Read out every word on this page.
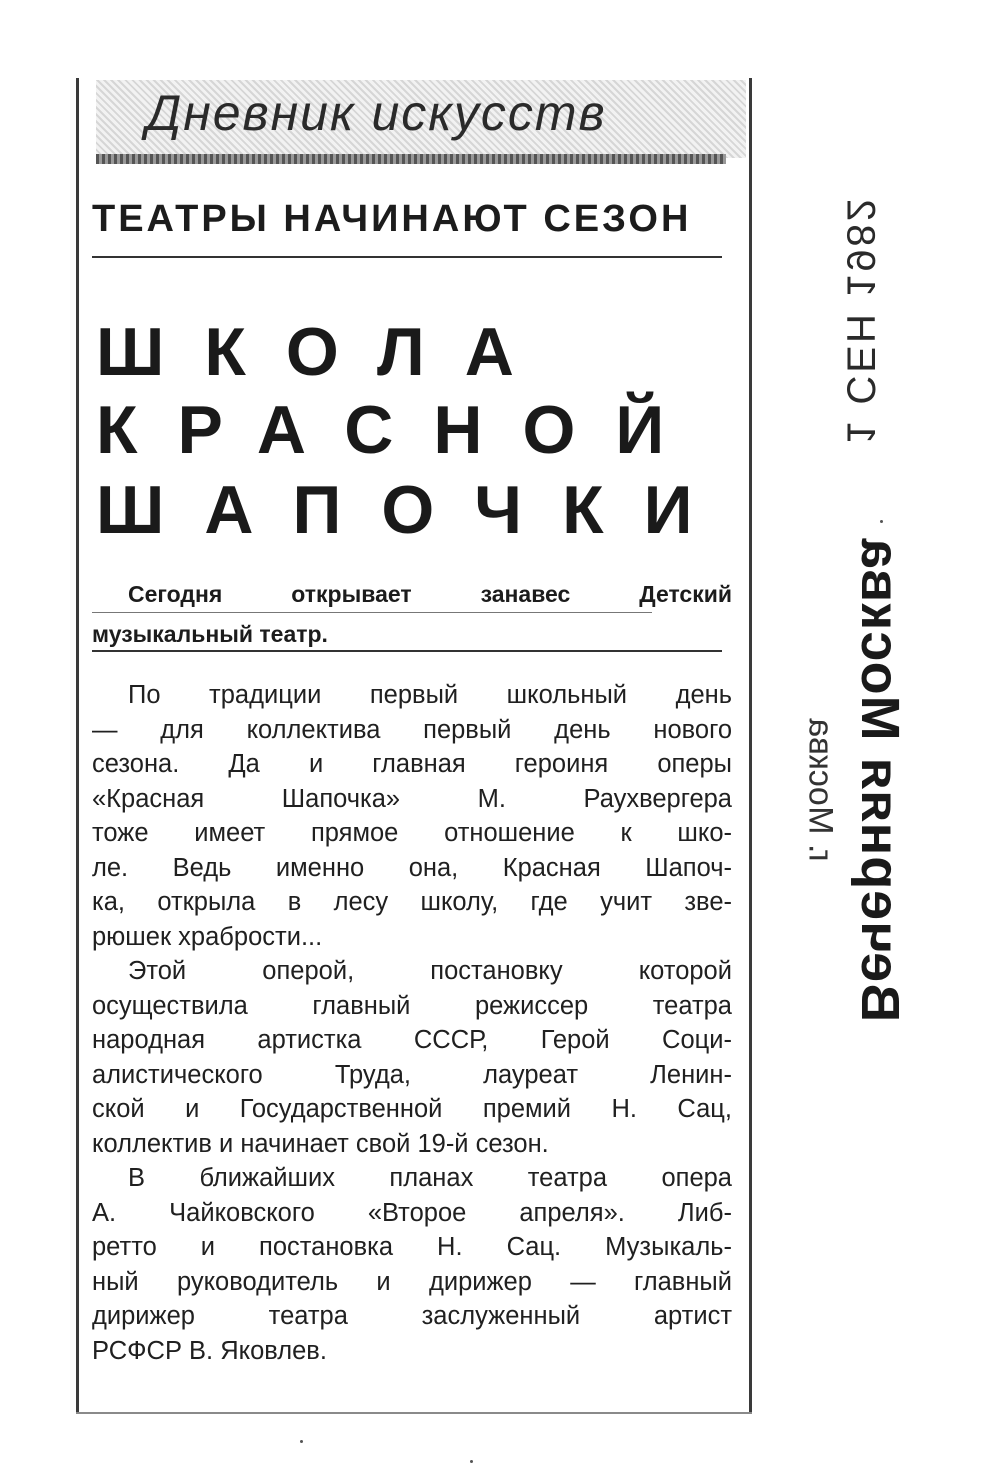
Дневник искусств
ТЕАТРЫ НАЧИНАЮТ СЕЗОН
ШКОЛА
КРАСНОЙ
ШАПОЧКИ
Сегодня открывает занавес Детский
музыкальный театр.

По традиции первый школьный день
— для коллектива первый день нового
сезона. Да и главная героиня оперы
«Красная Шапочка» М. Раухвергера
тоже имеет прямое отношение к шко-
ле. Ведь именно она, Красная Шапоч-
ка, открыла в лесу школу, где учит зве-
рюшек храбрости...

Этой оперой, постановку которой
осуществила главный режиссер театра
народная артистка СССР, Герой Соци-
алистического Труда, лауреат Ленин-
ской и Государственной премий Н. Сац,
коллектив и начинает свой 19-й сезон.

В ближайших планах театра опера
А. Чайковского «Второе апреля». Либ-
ретто и постановка Н. Сац. Музыкаль-
ный руководитель и дирижер — главный
дирижер театра заслуженный артист
РСФСР В. Яковлев.

1 СЕН 1982
Вечерняя Москва
г. Москва
